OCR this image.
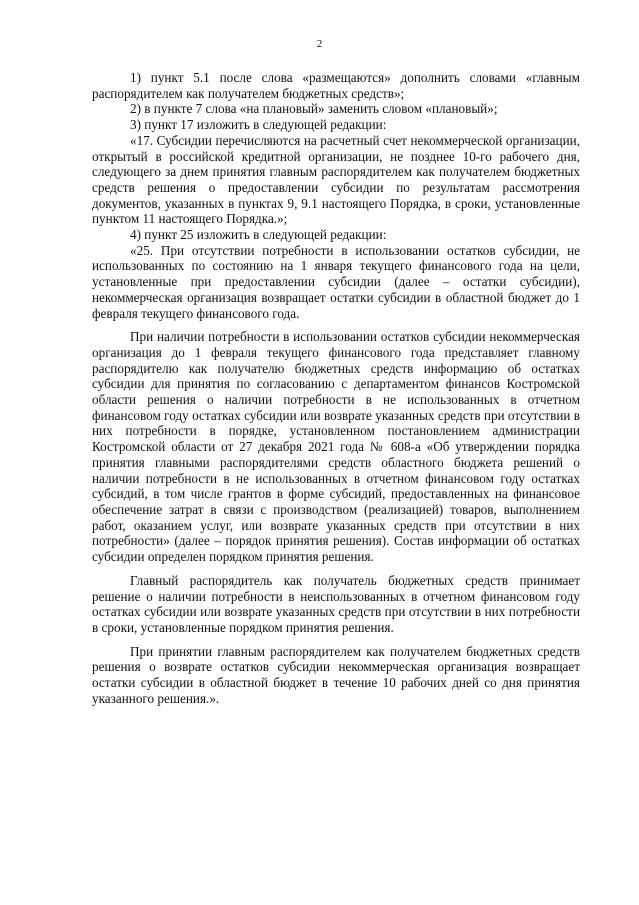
2

1) пункт 5.1 после слова «размещаются» дополнить словами «главным распорядителем как получателем бюджетных средств»;

2) в пункте 7 слова «на плановый» заменить словом «плановый»;

3) пункт 17 изложить в следующей редакции:

«17. Субсидии перечисляются на расчетный счет некоммерческой организации, открытый в российской кредитной организации, не позднее 10-го рабочего дня, следующего за днем принятия главным распорядителем как получателем бюджетных средств решения о предоставлении субсидии по результатам рассмотрения документов, указанных в пунктах 9, 9.1 настоящего Порядка, в сроки, установленные пунктом 11 настоящего Порядка.»;

4) пункт 25 изложить в следующей редакции:

«25. При отсутствии потребности в использовании остатков субсидии, не использованных по состоянию на 1 января текущего финансового года на цели, установленные при предоставлении субсидии (далее – остатки субсидии), некоммерческая организация возвращает остатки субсидии в областной бюджет до 1 февраля текущего финансового года.

При наличии потребности в использовании остатков субсидии некоммерческая организация до 1 февраля текущего финансового года представляет главному распорядителю как получателю бюджетных средств информацию об остатках субсидии для принятия по согласованию с департаментом финансов Костромской области решения о наличии потребности в не использованных в отчетном финансовом году остатках субсидии или возврате указанных средств при отсутствии в них потребности в порядке, установленном постановлением администрации Костромской области от 27 декабря 2021 года № 608-а «Об утверждении порядка принятия главными распорядителями средств областного бюджета решений о наличии потребности в не использованных в отчетном финансовом году остатках субсидий, в том числе грантов в форме субсидий, предоставленных на финансовое обеспечение затрат в связи с производством (реализацией) товаров, выполнением работ, оказанием услуг, или возврате указанных средств при отсутствии в них потребности» (далее – порядок принятия решения). Состав информации об остатках субсидии определен порядком принятия решения.

Главный распорядитель как получатель бюджетных средств принимает решение о наличии потребности в неиспользованных в отчетном финансовом году остатках субсидии или возврате указанных средств при отсутствии в них потребности в сроки, установленные порядком принятия решения.

При принятии главным распорядителем как получателем бюджетных средств решения о возврате остатков субсидии некоммерческая организация возвращает остатки субсидии в областной бюджет в течение 10 рабочих дней со дня принятия указанного решения.».
